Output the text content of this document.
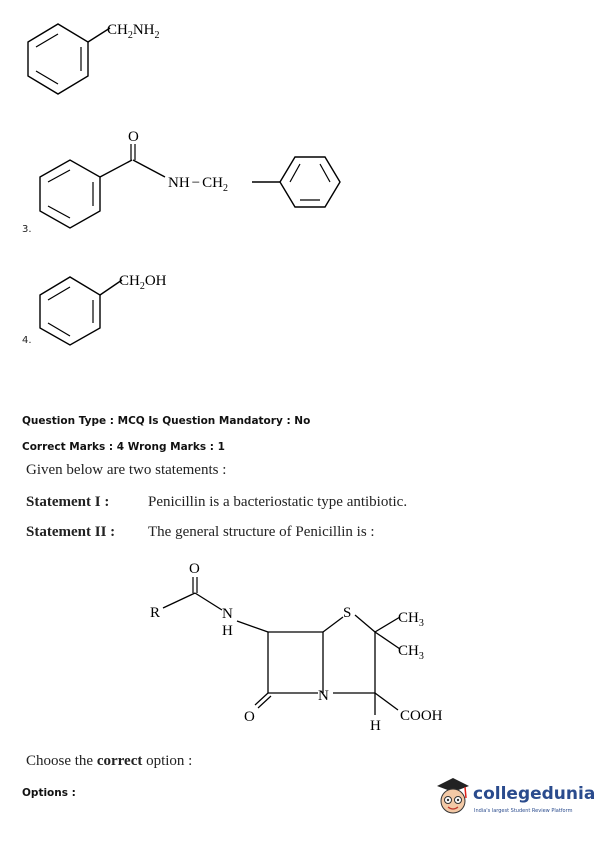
$CH_2NH_2$
O
NH − $CH_2$
3.
$CH_2OH$
4.
Question Type : MCQ Is Question Mandatory : No
Correct Marks : 4 Wrong Marks : 1
Given below are two statements :
Statement I :	Penicillin is a bacteriostatic type antibiotic.
Statement II : The general structure of Penicillin is :
O
R	N
H
O
N
S	$CH_3$
$CH_3$
H
COOH
Choose the correct option :
Options :	collegedunia
India's largest Student Review Platform
